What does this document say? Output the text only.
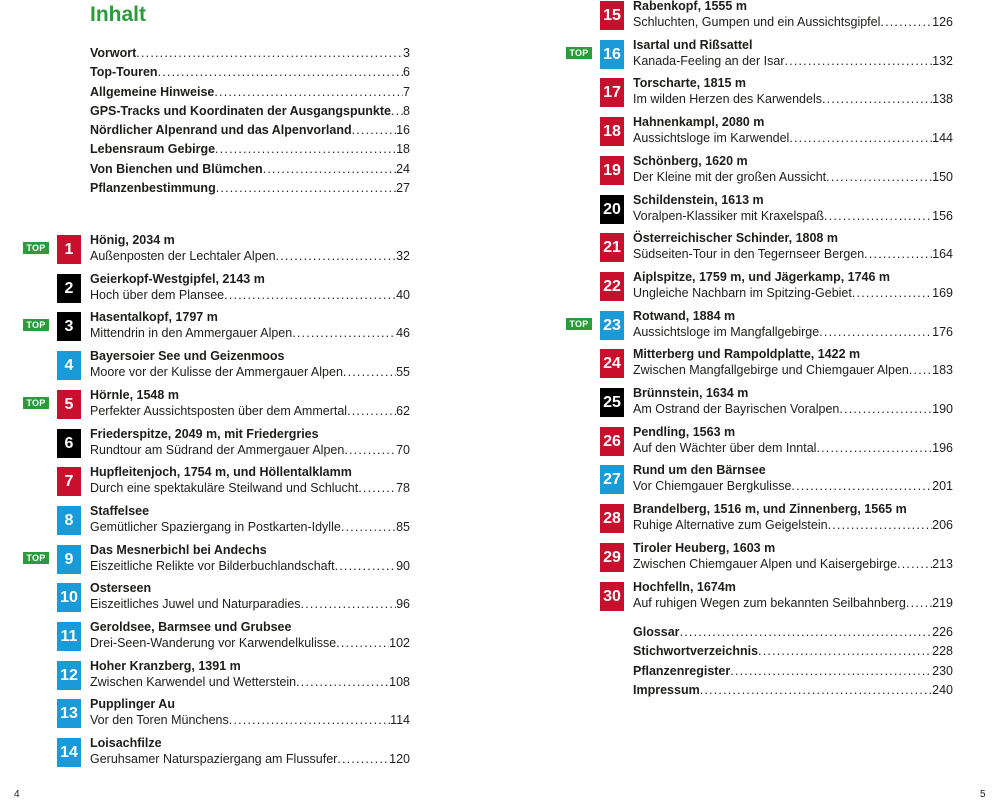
Inhalt
Vorwort .....	3
Top-Touren .....	6
Allgemeine Hinweise .....	7
GPS-Tracks und Koordinaten der Ausgangspunkte ..... 8
Nördlicher Alpenrand und das Alpenvorland .....	16
Lebensraum Gebirge .....	18
Von Bienchen und Blümchen .....	24
Pflanzenbestimmung .....	27
TOP	1
Hönig, 2034 m
Außenposten der Lechtaler Alpen .....	32
2
Geierkopf-Westgipfel, 2143 m
Hoch über dem Plansee .....	40
TOP	3
Hasentalkopf, 1797 m
Mittendrin in den Ammergauer Alpen .....	46
4
Bayersoier See und Geizenmoos
Moore vor der Kulisse der Ammergauer Alpen .....	55
TOP	5
Hörnle, 1548 m
Perfekter Aussichtsposten über dem Ammertal .....	62
6
Friederspitze, 2049 m, mit Friedergries
Rundtour am Südrand der Ammergauer Alpen .....	70
7
Hupfleitenjoch, 1754 m, und Höllentalklamm
Durch eine spektakuläre Steilwand und Schlucht .....	78
8
Staffelsee
Gemütlicher Spaziergang in Postkarten-Idylle .....	85
TOP	9
Das Mesnerbichl bei Andechs
Eiszeitliche Relikte vor Bilderbuchlandschaft .....	90
10
Osterseen
Eiszeitliches Juwel und Naturparadies .....	96
11
Geroldsee, Barmsee und Grubsee
Drei-Seen-Wanderung vor Karwendelkulisse .....	102
12
Hoher Kranzberg, 1391 m
Zwischen Karwendel und Wetterstein .....	108
13
Pupplinger Au
Vor den Toren Münchens .....	114
14
Loisachfilze
Geruhsamer Naturspaziergang am Flussufer .....	120
15
Rabenkopf, 1555 m
Schluchten, Gumpen und ein Aussichtsgipfel .....	126
TOP 16
Isartal und Rißsattel
Kanada-Feeling an der Isar .....	132
17
Torscharte, 1815 m
Im wilden Herzen des Karwendels .....	138
18
Hahnenkampl, 2080 m
Aussichtsloge im Karwendel .....	144
19
Schönberg, 1620 m
Der Kleine mit der großen Aussicht .....	150
20
Schildenstein, 1613 m
Voralpen-Klassiker mit Kraxelspaß .....	156
21
Österreichischer Schinder, 1808 m
Südseiten-Tour in den Tegernseer Bergen .....	164
22
Aiplspitze, 1759 m, und Jägerkamp, 1746 m
Ungleiche Nachbarn im Spitzing-Gebiet .....	169
TOP 23
Rotwand, 1884 m
Aussichtsloge im Mangfallgebirge .....	176
24
Mitterberg und Rampoldplatte, 1422 m
Zwischen Mangfallgebirge und Chiemgauer Alpen ..... 183
25
Brünnstein, 1634 m
Am Ostrand der Bayrischen Voralpen .....	190
26
Pendling, 1563 m
Auf den Wächter über dem Inntal .....	196
27
Rund um den Bärnsee
Vor Chiemgauer Bergkulisse .....	201
28
Brandelberg, 1516 m, und Zinnenberg, 1565 m
Ruhige Alternative zum Geigelstein .....	206
29
Tiroler Heuberg, 1603 m
Zwischen Chiemgauer Alpen und Kaisergebirge .....	213
30
Hochfelln, 1674m
Auf ruhigen Wegen zum bekannten Seilbahnberg ..... 219
Glossar .....	226
Stichwortverzeichnis .....	228
Pflanzenregister .....	230
Impressum .....	240
4	5
